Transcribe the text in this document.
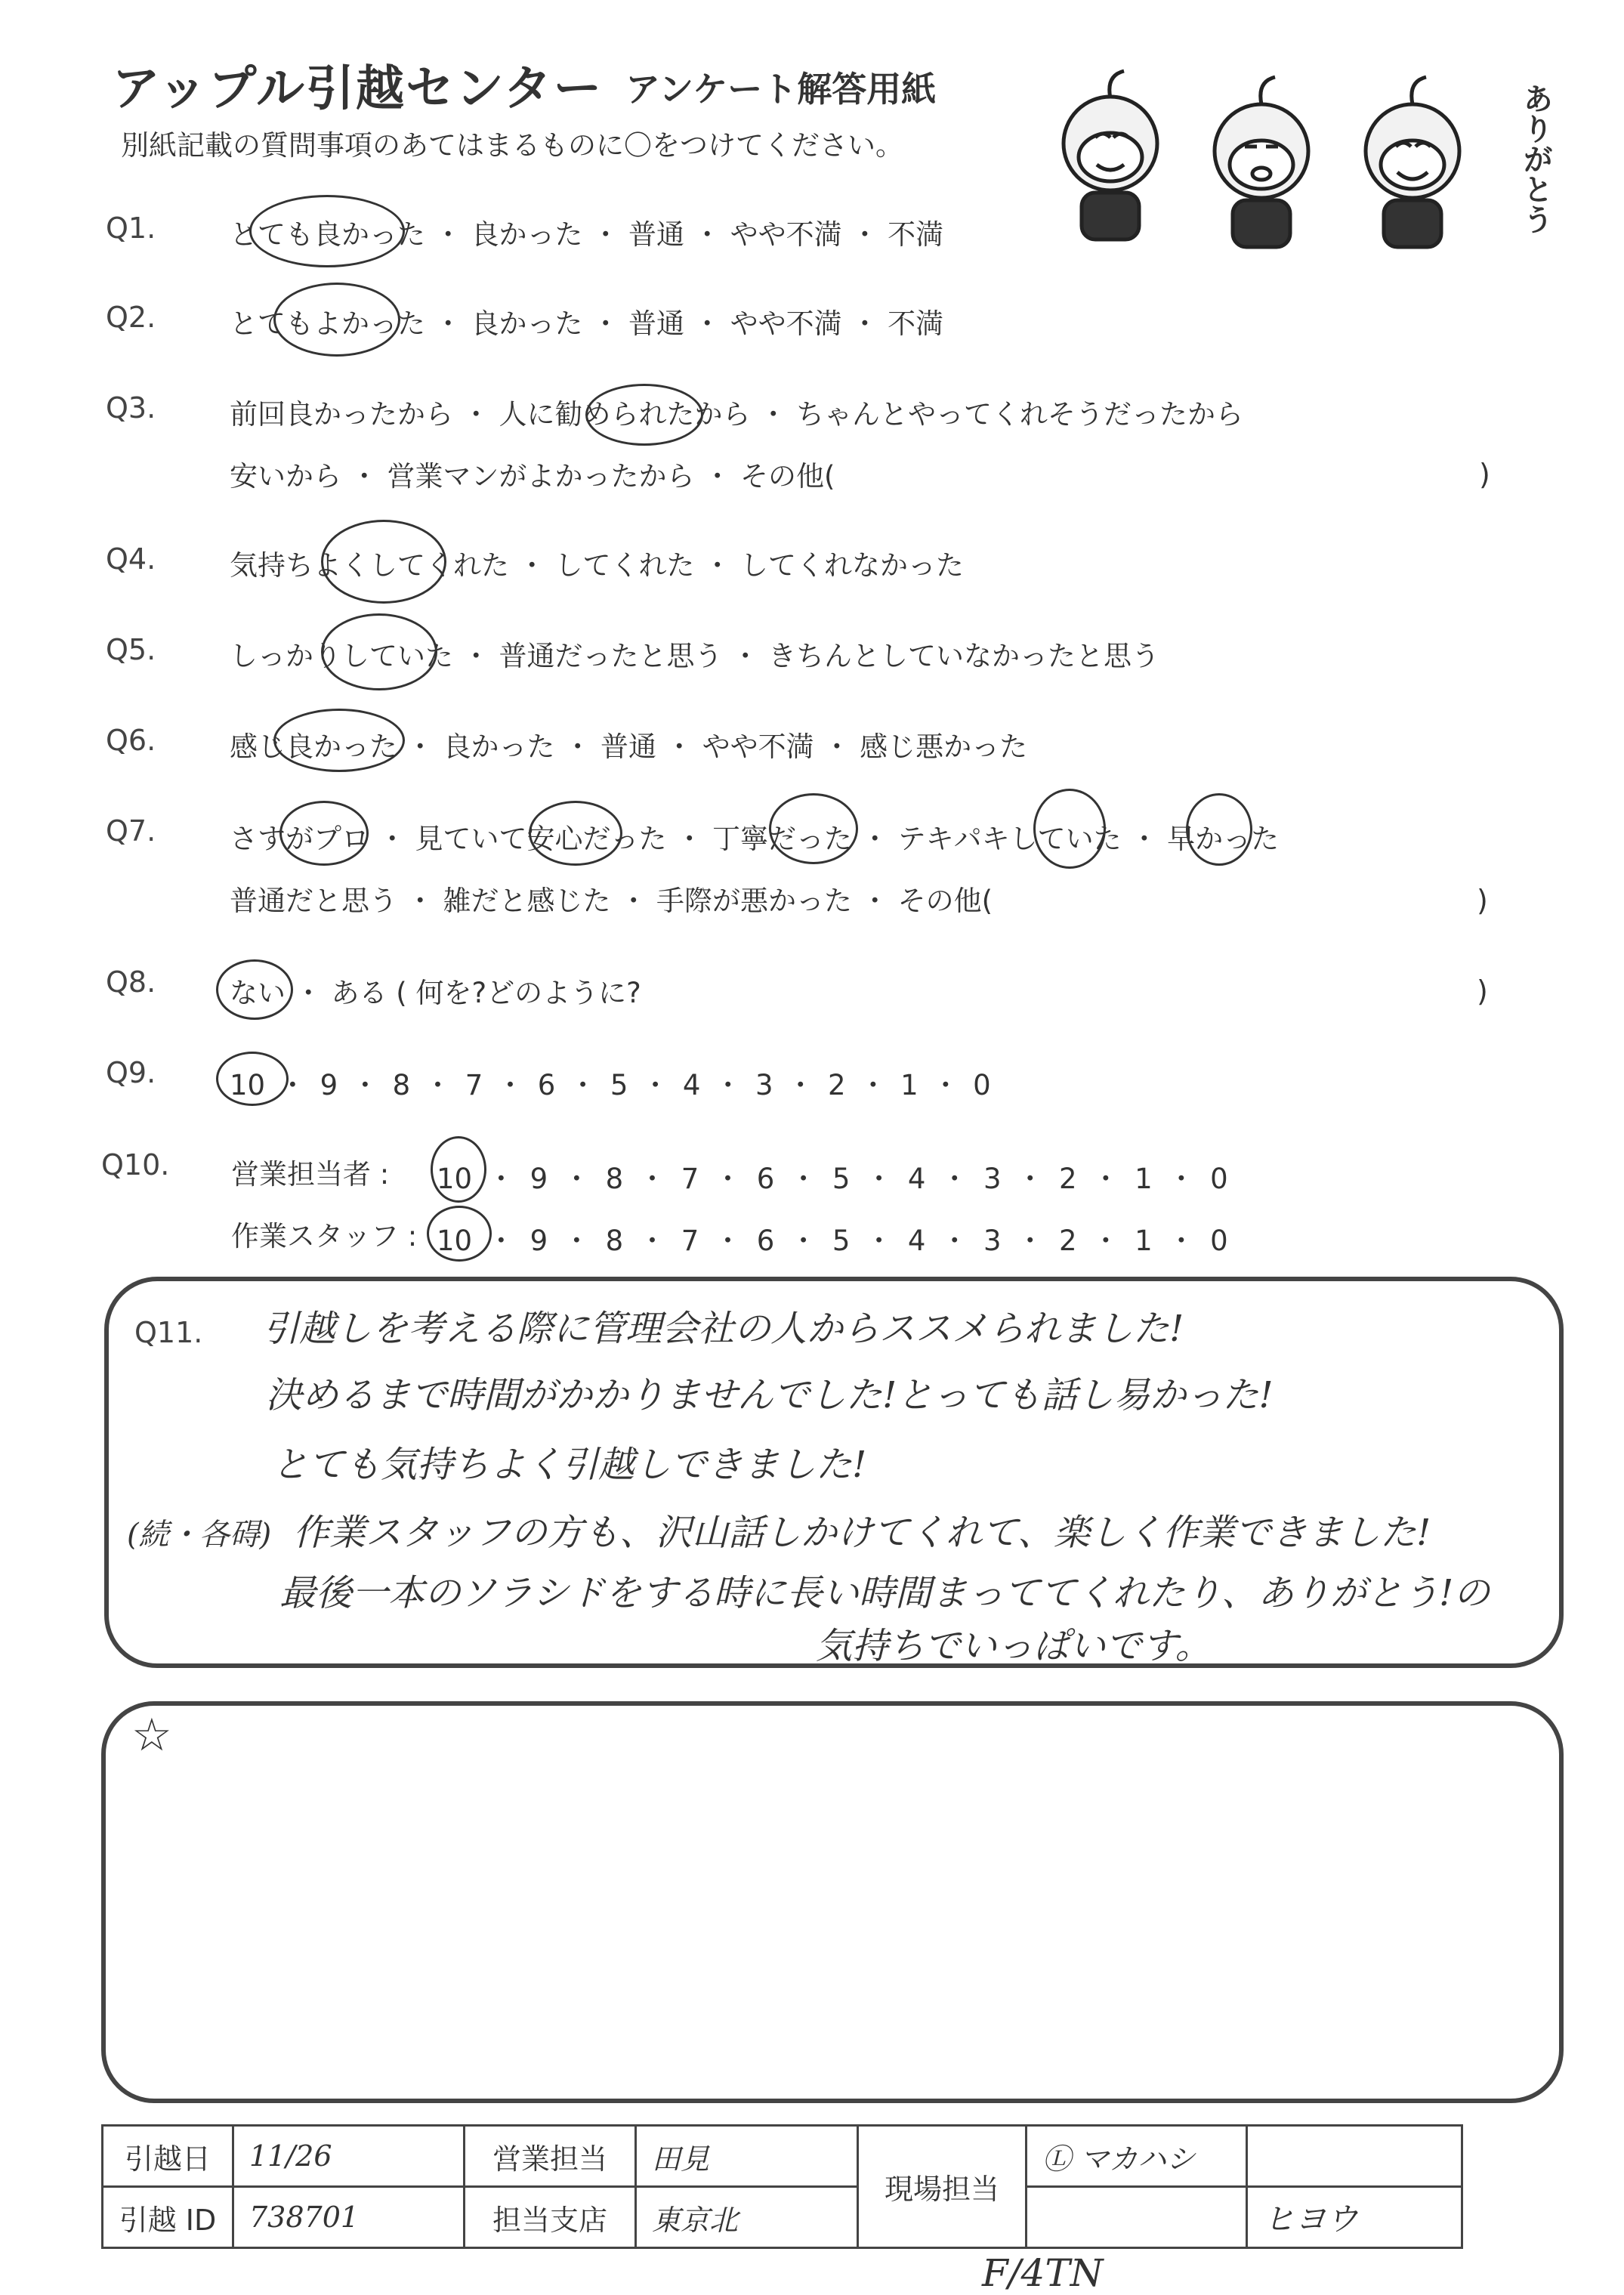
アップル引越センター アンケート解答用紙
別紙記載の質問事項のあてはまるものに〇をつけてください。	ありがとう
Q1.	とても良かった ・ 良かった ・ 普通 ・ やや不満 ・ 不満
Q2.	とてもよかった ・ 良かった ・ 普通 ・ やや不満 ・ 不満
Q3.	前回良かったから ・ 人に勧められたから ・ ちゃんとやってくれそうだったから
安いから ・ 営業マンがよかったから ・ その他(	)
Q4.	気持ちよくしてくれた ・ してくれた ・ してくれなかった
Q5.	しっかりしていた ・ 普通だったと思う ・ きちんとしていなかったと思う
Q6.	感じ良かった ・ 良かった ・ 普通 ・ やや不満 ・ 感じ悪かった
Q7.	さすがプロ ・ 見ていて安心だった ・ 丁寧だった ・ テキパキしていた ・ 早かった
普通だと思う ・ 雑だと感じた ・ 手際が悪かった ・ その他(	)
Q8.	ない ・ ある ( 何を?どのように?	)
Q9.	10 ・ 9 ・ 8 ・ 7 ・ 6 ・ 5 ・ 4 ・ 3 ・ 2 ・ 1 ・ 0
Q10. 営業担当者 : 10 ・ 9 ・ 8 ・ 7 ・ 6 ・ 5 ・ 4 ・ 3 ・ 2 ・ 1 ・ 0
作業スタッフ : 10 ・ 9 ・ 8 ・ 7 ・ 6 ・ 5 ・ 4 ・ 3 ・ 2 ・ 1 ・ 0
Q11. 引越しを考える際に管理会社の人からススメられました!
決めるまで時間がかかりませんでした!とっても話し易かった!
とても気持ちよく引越しできました!
(続・各碍) 作業スタッフの方も、沢山話しかけてくれて、楽しく作業できました!
最後一本のソラシドをする時に長い時間まっててくれたり、ありがとう!の
気持ちでいっぱいです。
☆
引越日	11/26	営業担当	田見	現場担当	Ⓛ マカハシ	
引越 ID	738701	担当支店	東京北			ヒヨウ
F/4TN
